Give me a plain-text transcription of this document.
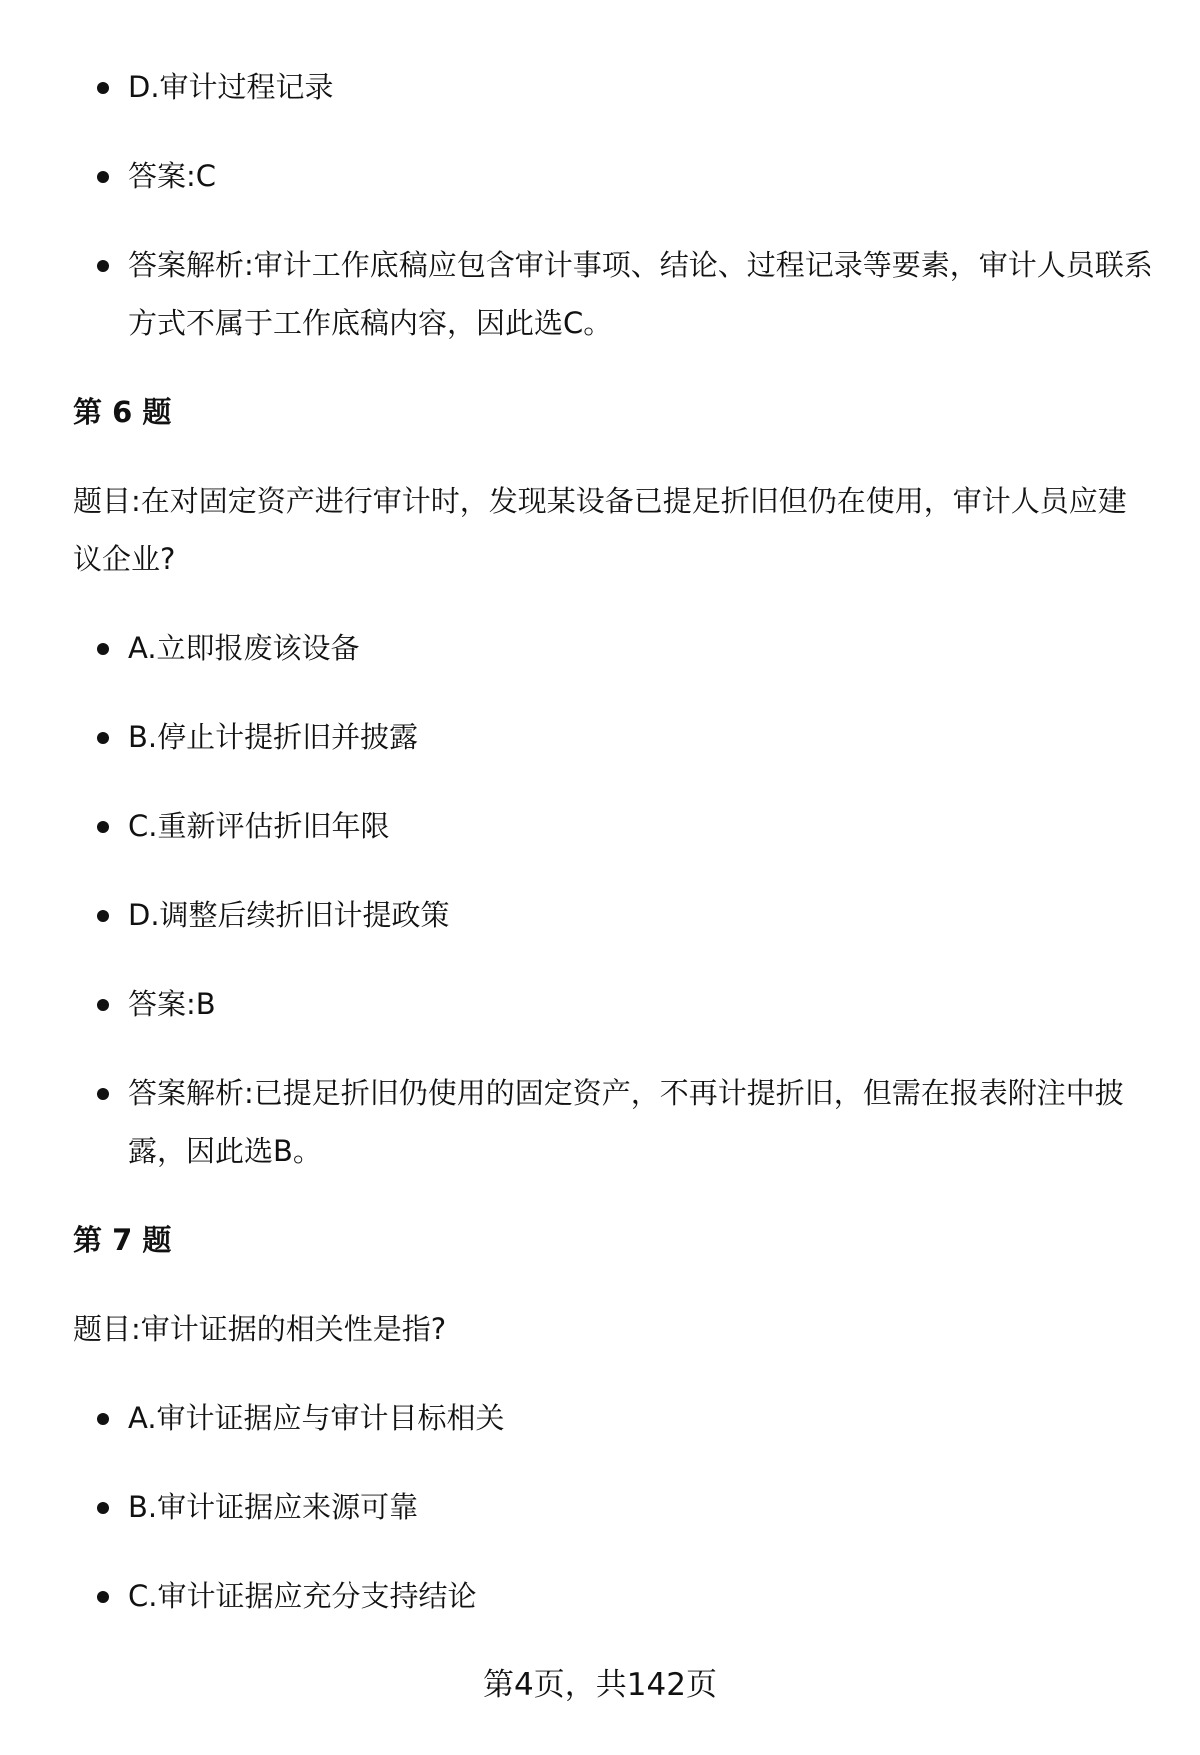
D.审计过程记录
答案:C
答案解析:审计工作底稿应包含审计事项、结论、过程记录等要素，审计人员联系方式不属于工作底稿内容，因此选C。
第 6 题
题目:在对固定资产进行审计时，发现某设备已提足折旧但仍在使用，审计人员应建议企业?
A.立即报废该设备
B.停止计提折旧并披露
C.重新评估折旧年限
D.调整后续折旧计提政策
答案:B
答案解析:已提足折旧仍使用的固定资产，不再计提折旧，但需在报表附注中披露，因此选B。
第 7 题
题目:审计证据的相关性是指?
A.审计证据应与审计目标相关
B.审计证据应来源可靠
C.审计证据应充分支持结论
第4页，共142页
